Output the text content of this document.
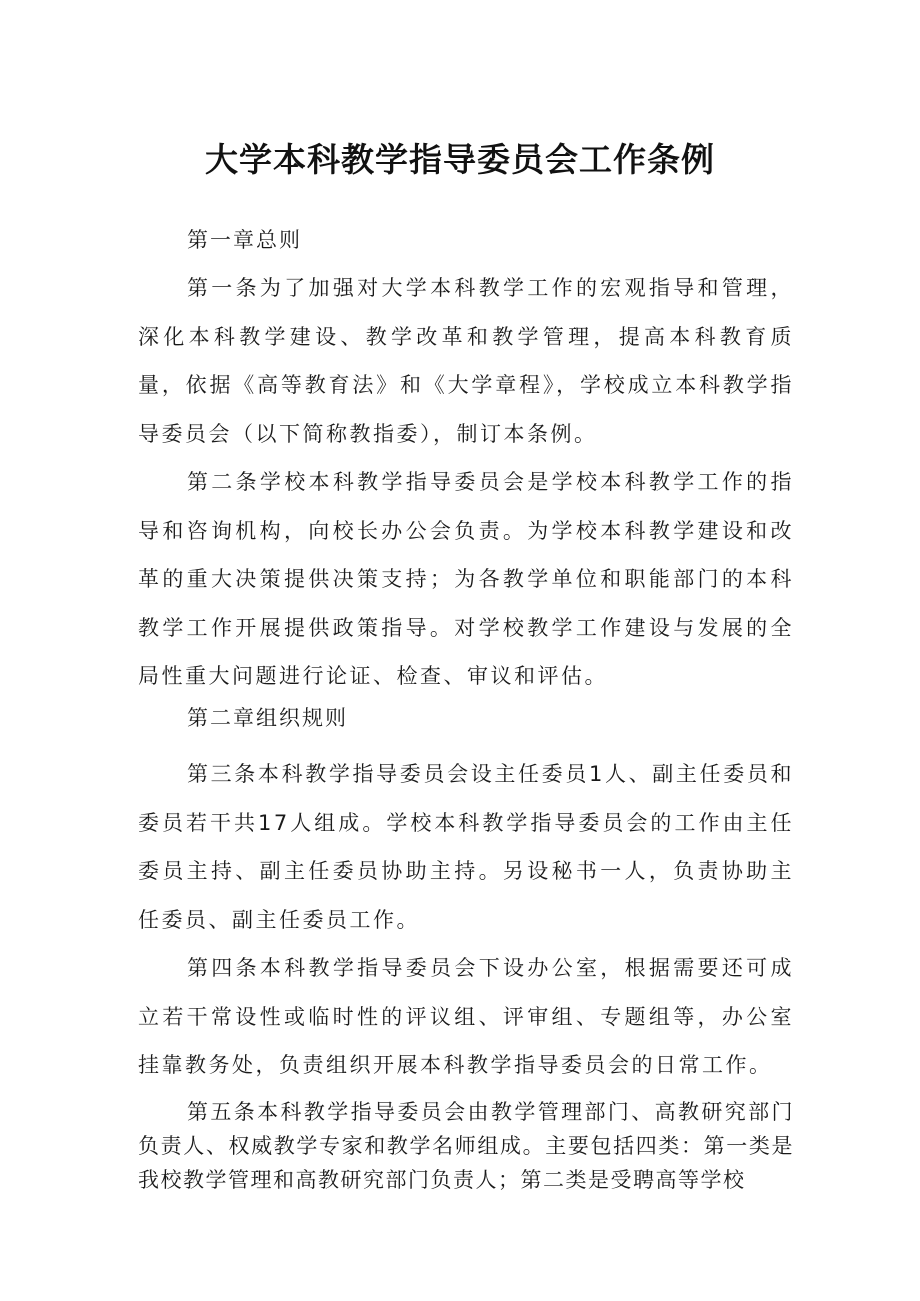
大学本科教学指导委员会工作条例
第一章总则
第一条为了加强对大学本科教学工作的宏观指导和管理，深化本科教学建设、教学改革和教学管理，提高本科教育质量，依据《高等教育法》和《大学章程》，学校成立本科教学指导委员会（以下简称教指委），制订本条例。
第二条学校本科教学指导委员会是学校本科教学工作的指导和咨询机构，向校长办公会负责。为学校本科教学建设和改革的重大决策提供决策支持；为各教学单位和职能部门的本科教学工作开展提供政策指导。对学校教学工作建设与发展的全局性重大问题进行论证、检查、审议和评估。
第二章组织规则
第三条本科教学指导委员会设主任委员1人、副主任委员和委员若干共17人组成。学校本科教学指导委员会的工作由主任委员主持、副主任委员协助主持。另设秘书一人，负责协助主任委员、副主任委员工作。
第四条本科教学指导委员会下设办公室，根据需要还可成立若干常设性或临时性的评议组、评审组、专题组等，办公室挂靠教务处，负责组织开展本科教学指导委员会的日常工作。
第五条本科教学指导委员会由教学管理部门、高教研究部门负责人、权威教学专家和教学名师组成。主要包括四类：第一类是我校教学管理和高教研究部门负责人；第二类是受聘高等学校
